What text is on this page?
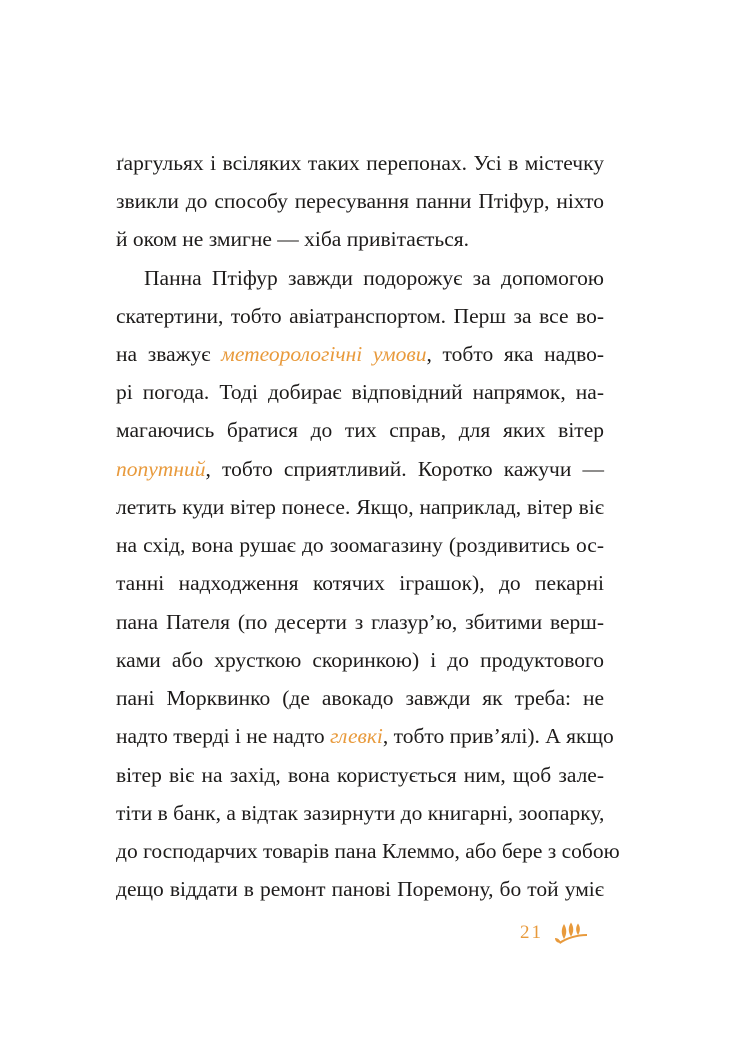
ґаргульях і всіляких таких перепонах. Усі в містечку
звикли до способу пересування панни Птіфур, ніхто
й оком не змигне — хіба привітається.
Панна Птіфур завжди подорожує за допомогою
скатертини, тобто авіатранспортом. Перш за все во-
на зважує метеорологічні умови, тобто яка надво-
рі погода. Тоді добирає відповідний напрямок, на-
магаючись братися до тих справ, для яких вітер
попутний, тобто сприятливий. Коротко кажучи —
летить куди вітер понесе. Якщо, наприклад, вітер віє
на схід, вона рушає до зоомагазину (роздивитись ос-
танні надходження котячих іграшок), до пекарні
пана Пателя (по десерти з глазур’ю, збитими верш-
ками або хрусткою скоринкою) і до продуктового
пані Морквинко (де авокадо завжди як треба: не
надто тверді і не надто глевкі, тобто прив’ялі). А якщо
вітер віє на захід, вона користується ним, щоб зале-
тіти в банк, а відтак зазирнути до книгарні, зоопарку,
до господарчих товарів пана Клеммо, або бере з собою
дещо віддати в ремонт панові Поремону, бо той уміє
21
